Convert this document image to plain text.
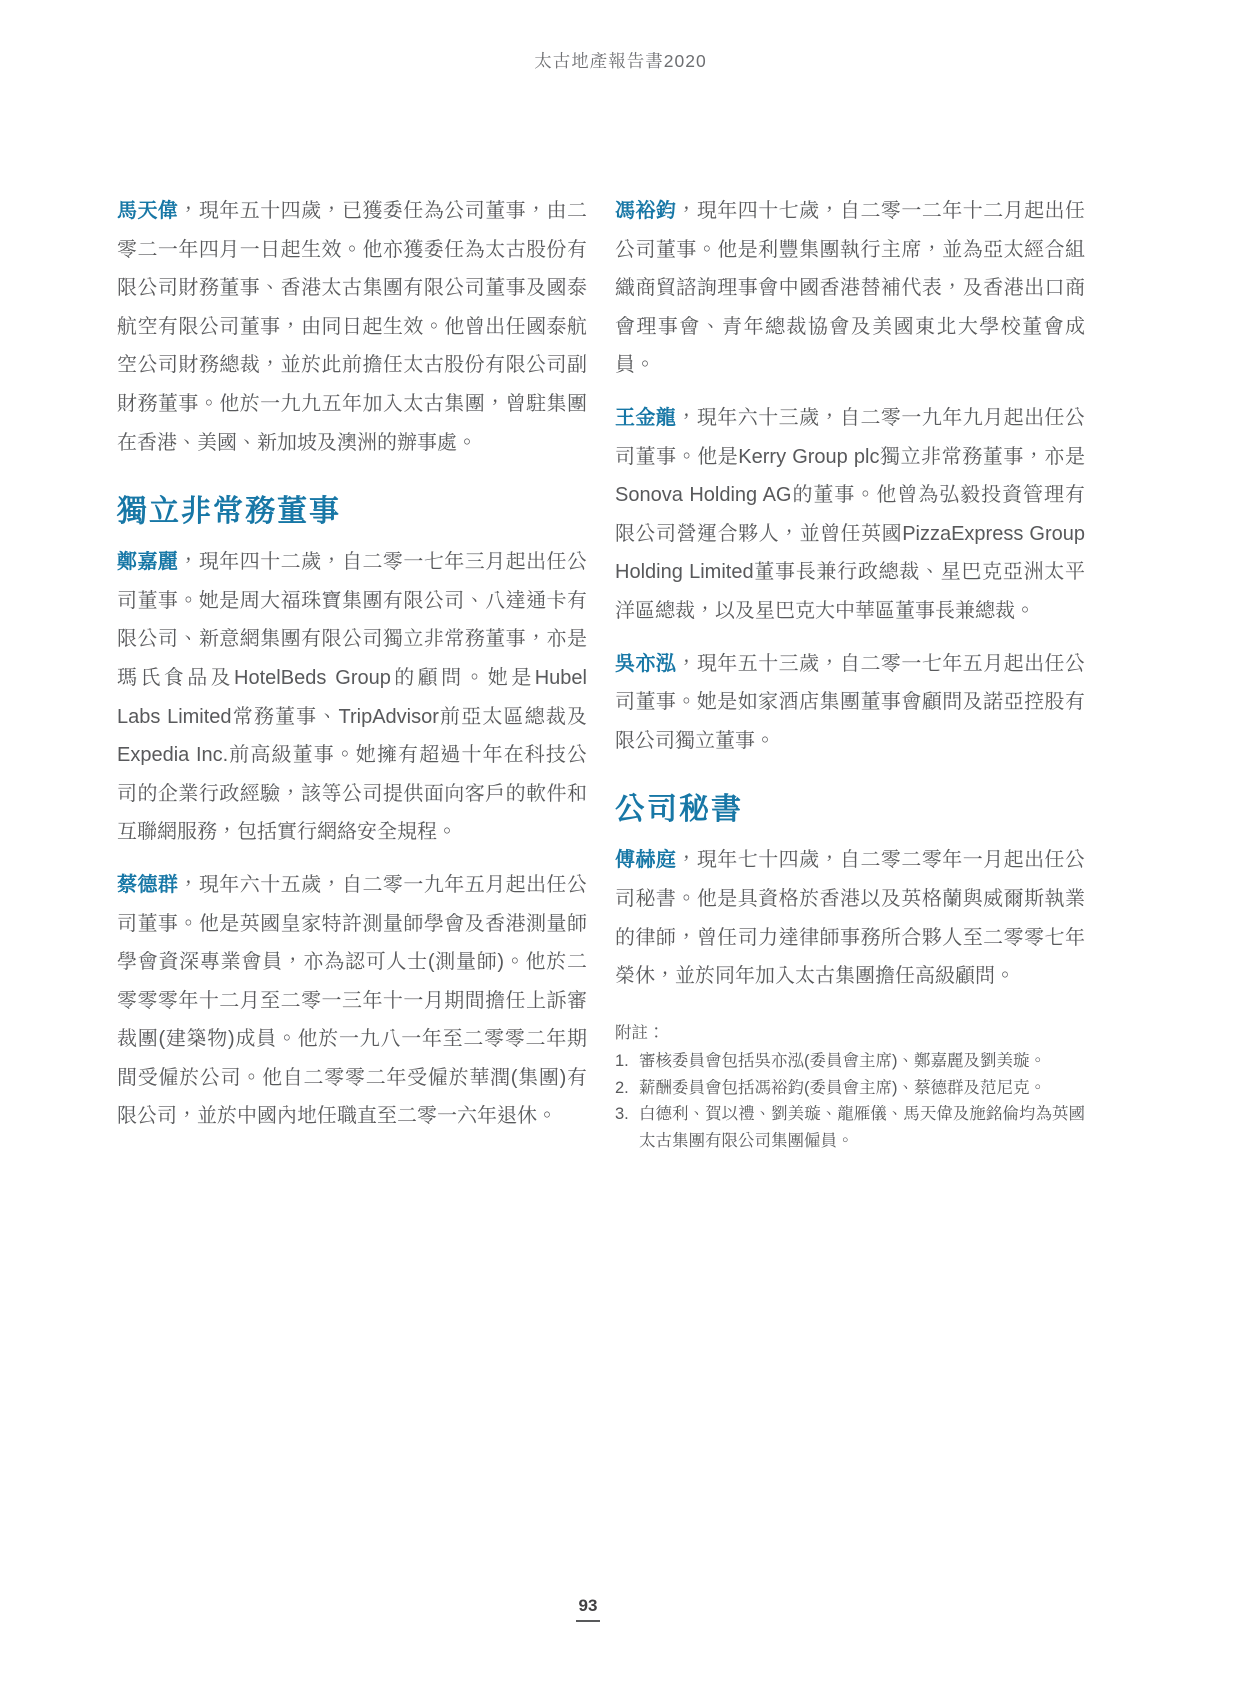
太古地產報告書2020

馬天偉，現年五十四歲，已獲委任為公司董事，由二零二一年四月一日起生效。他亦獲委任為太古股份有限公司財務董事、香港太古集團有限公司董事及國泰航空有限公司董事，由同日起生效。他曾出任國泰航空公司財務總裁，並於此前擔任太古股份有限公司副財務董事。他於一九九五年加入太古集團，曾駐集團在香港、美國、新加坡及澳洲的辦事處。

獨立非常務董事

鄭嘉麗，現年四十二歲，自二零一七年三月起出任公司董事。她是周大福珠寶集團有限公司、八達通卡有限公司、新意網集團有限公司獨立非常務董事，亦是瑪氏食品及HotelBeds Group的顧問。她是Hubel Labs Limited常務董事、TripAdvisor前亞太區總裁及Expedia Inc.前高級董事。她擁有超過十年在科技公司的企業行政經驗，該等公司提供面向客戶的軟件和互聯網服務，包括實行網絡安全規程。

蔡德群，現年六十五歲，自二零一九年五月起出任公司董事。他是英國皇家特許測量師學會及香港測量師學會資深專業會員，亦為認可人士(測量師)。他於二零零零年十二月至二零一三年十一月期間擔任上訴審裁團(建築物)成員。他於一九八一年至二零零二年期間受僱於公司。他自二零零二年受僱於華潤(集團)有限公司，並於中國內地任職直至二零一六年退休。

馮裕鈞，現年四十七歲，自二零一二年十二月起出任公司董事。他是利豐集團執行主席，並為亞太經合組織商貿諮詢理事會中國香港替補代表，及香港出口商會理事會、青年總裁協會及美國東北大學校董會成員。

王金龍，現年六十三歲，自二零一九年九月起出任公司董事。他是Kerry Group plc獨立非常務董事，亦是Sonova Holding AG的董事。他曾為弘毅投資管理有限公司營運合夥人，並曾任英國PizzaExpress Group Holding Limited董事長兼行政總裁、星巴克亞洲太平洋區總裁，以及星巴克大中華區董事長兼總裁。

吳亦泓，現年五十三歲，自二零一七年五月起出任公司董事。她是如家酒店集團董事會顧問及諾亞控股有限公司獨立董事。

公司秘書

傅赫庭，現年七十四歲，自二零二零年一月起出任公司秘書。他是具資格於香港以及英格蘭與威爾斯執業的律師，曾任司力達律師事務所合夥人至二零零七年榮休，並於同年加入太古集團擔任高級顧問。

附註：
1. 審核委員會包括吳亦泓(委員會主席)、鄭嘉麗及劉美璇。
2. 薪酬委員會包括馮裕鈞(委員會主席)、蔡德群及范尼克。
3. 白德利、賀以禮、劉美璇、龍雁儀、馬天偉及施銘倫均為英國太古集團有限公司集團僱員。
93
